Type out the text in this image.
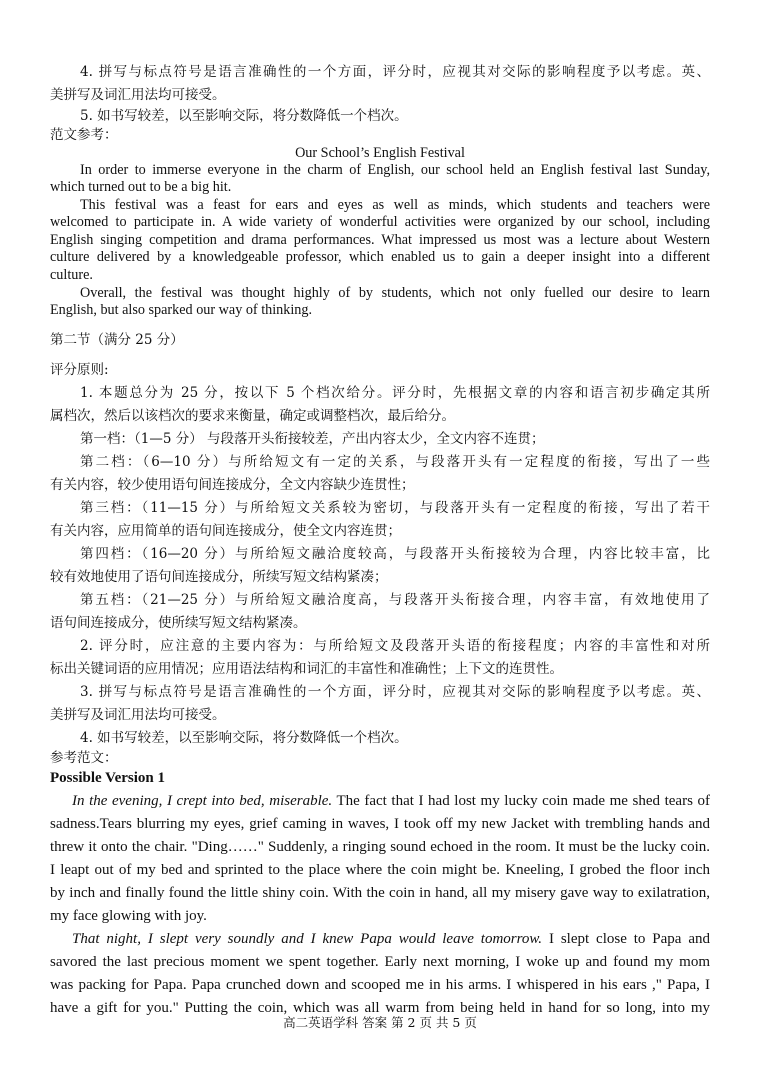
4. 拼写与标点符号是语言准确性的一个方面，评分时，应视其对交际的影响程度予以考虑。英、
美拼写及词汇用法均可接受。
5. 如书写较差，以至影响交际，将分数降低一个档次。
范文参考：
Our School’s English Festival
In order to immerse everyone in the charm of English, our school held an English festival last Sunday,
which turned out to be a big hit.
This festival was a feast for ears and eyes as well as minds, which students and teachers were
welcomed to participate in. A wide variety of wonderful activities were organized by our school, including
English singing competition and drama performances. What impressed us most was a lecture about Western
culture delivered by a knowledgeable professor, which enabled us to gain a deeper insight into a different
culture.
Overall, the festival was thought highly of by students, which not only fuelled our desire to learn
English, but also sparked our way of thinking.
第二节（满分 25 分）
评分原则:
1. 本题总分为 25 分，按以下 5 个档次给分。评分时，先根据文章的内容和语言初步确定其所
属档次，然后以该档次的要求来衡量，确定或调整档次，最后给分。
第一档：（1—5 分） 与段落开头衔接较差，产出内容太少，全文内容不连贯；
第二档：（6—10 分）与所给短文有一定的关系，与段落开头有一定程度的衔接，写出了一些
有关内容，较少使用语句间连接成分，全文内容缺少连贯性；
第三档：（11—15 分）与所给短文关系较为密切，与段落开头有一定程度的衔接，写出了若干
有关内容，应用简单的语句间连接成分，使全文内容连贯；
第四档：（16—20 分）与所给短文融洽度较高，与段落开头衔接较为合理，内容比较丰富，比
较有效地使用了语句间连接成分，所续写短文结构紧凑；
第五档：（21—25 分）与所给短文融洽度高，与段落开头衔接合理，内容丰富，有效地使用了
语句间连接成分，使所续写短文结构紧凑。
2. 评分时，应注意的主要内容为：与所给短文及段落开头语的衔接程度；内容的丰富性和对所
标出关键词语的应用情况；应用语法结构和词汇的丰富性和准确性；上下文的连贯性。
3. 拼写与标点符号是语言准确性的一个方面，评分时，应视其对交际的影响程度予以考虑。英、
美拼写及词汇用法均可接受。
4. 如书写较差，以至影响交际，将分数降低一个档次。
参考范文：
Possible Version 1
In the evening, I crept into bed, miserable. The fact that I had lost my lucky coin made me shed tears of
sadness.Tears blurring my eyes, grief caming in waves, I took off my new Jacket with trembling hands and
threw it onto the chair. "Ding……" Suddenly, a ringing sound echoed in the room. It must be the lucky coin.
I leapt out of my bed and sprinted to the place where the coin might be. Kneeling, I grobed the floor inch
by inch and finally found the little shiny coin. With the coin in hand, all my misery gave way to exilatration,
my face glowing with joy.
That night, I slept very soundly and I knew Papa would leave tomorrow. I slept close to Papa and
savored the last precious moment we spent together. Early next morning, I woke up and found my mom
was packing for Papa. Papa crunched down and scooped me in his arms. I whispered in his ears ," Papa, I
have a gift for you." Putting the coin, which was all warm from being held in hand for so long, into my
高二英语学科 答案 第 2 页 共 5 页
